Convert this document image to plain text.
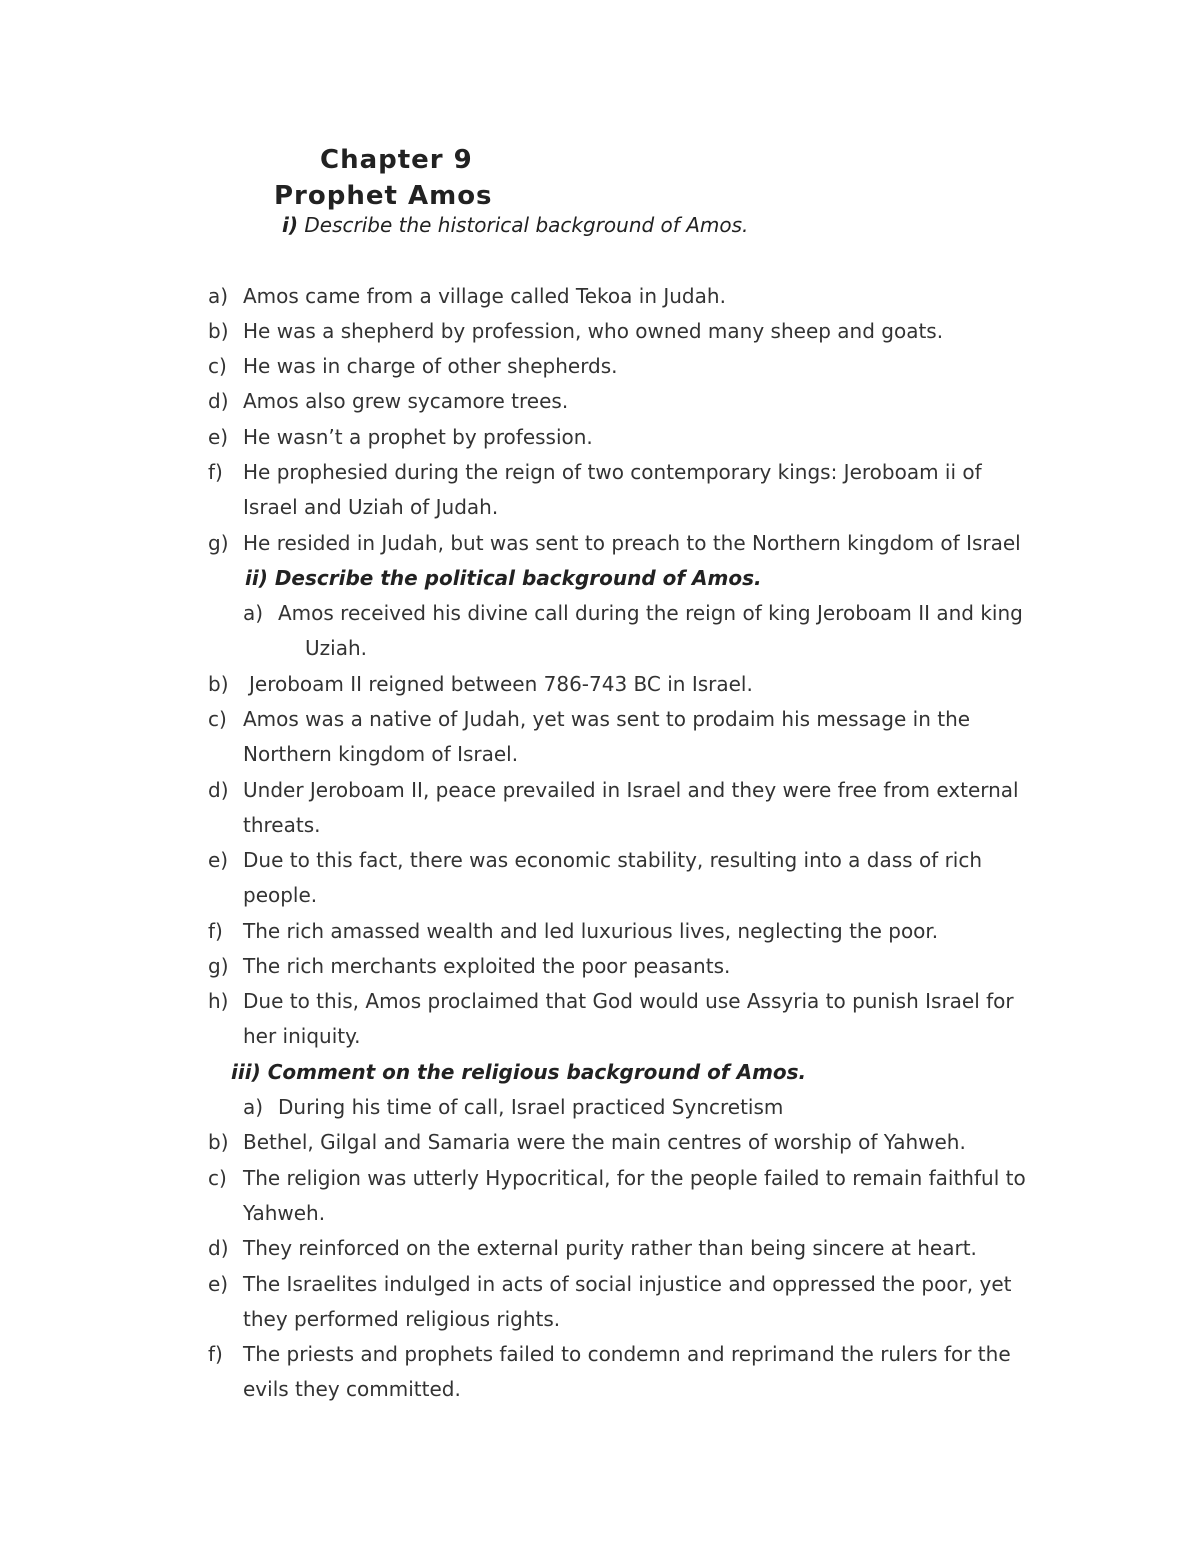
Chapter 9
Prophet Amos
i) Describe the historical background of Amos.
a) Amos came from a village called Tekoa in Judah.
b) He was a shepherd by profession, who owned many sheep and goats.
c) He was in charge of other shepherds.
d) Amos also grew sycamore trees.
e) He wasn’t a prophet by profession.
f) He prophesied during the reign of two contemporary kings: Jeroboam ii of
Israel and Uziah of Judah.
g) He resided in Judah, but was sent to preach to the Northern kingdom of Israel
ii) Describe the political background of Amos.
a) Amos received his divine call during the reign of king Jeroboam II and king
Uziah.
b) Jeroboam II reigned between 786-743 BC in Israel.
c) Amos was a native of Judah, yet was sent to prodaim his message in the
Northern kingdom of Israel.
d) Under Jeroboam II, peace prevailed in Israel and they were free from external
threats.
e) Due to this fact, there was economic stability, resulting into a dass of rich
people.
f) The rich amassed wealth and led luxurious lives, neglecting the poor.
g) The rich merchants exploited the poor peasants.
h) Due to this, Amos proclaimed that God would use Assyria to punish Israel for
her iniquity.
iii) Comment on the religious background of Amos.
a) During his time of call, Israel practiced Syncretism
b) Bethel, Gilgal and Samaria were the main centres of worship of Yahweh.
c) The religion was utterly Hypocritical, for the people failed to remain faithful to
Yahweh.
d) They reinforced on the external purity rather than being sincere at heart.
e) The Israelites indulged in acts of social injustice and oppressed the poor, yet
they performed religious rights.
f) The priests and prophets failed to condemn and reprimand the rulers for the
evils they committed.
